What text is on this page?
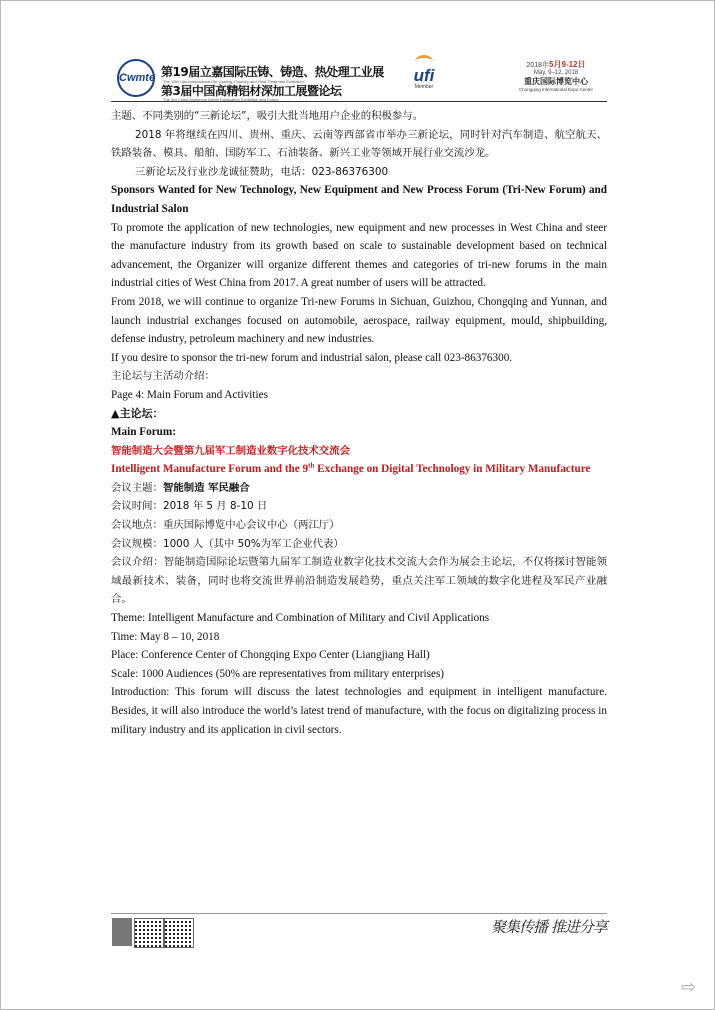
Cwmte 第19届立嘉国际压铸、铸造、热处理工业展
The 19th Lijia International Die Casting, Foundry and Heat Treatment Exhibition
第3届中国高精铝材深加工展暨论坛
The 3rd China Aluminum Depth Fabrication Exhibition and Forum
ufi
Member
2018年5月9-12日
May, 9–12, 2018
重庆国际博览中心
Chongqing International Expo Center

主题、不同类别的“三新论坛”，吸引大批当地用户企业的积极参与。

2018 年将继续在四川、贵州、重庆、云南等西部省市举办三新论坛，同时针对汽车制造、航空航天、铁路装备、模具、船舶、国防军工、石油装备、新兴工业等领域开展行业交流沙龙。

三新论坛及行业沙龙诚征赞助，电话：023-86376300

Sponsors Wanted for New Technology, New Equipment and New Process Forum (Tri-New Forum) and Industrial Salon

To promote the application of new technologies, new equipment and new processes in West China and steer the manufacture industry from its growth based on scale to sustainable development based on technical advancement, the Organizer will organize different themes and categories of tri-new forums in the main industrial cities of West China from 2017. A great number of users will be attracted.

From 2018, we will continue to organize Tri-new Forums in Sichuan, Guizhou, Chongqing and Yunnan, and launch industrial exchanges focused on automobile, aerospace, railway equipment, mould, shipbuilding, defense industry, petroleum machinery and new industries.

If you desire to sponsor the tri-new forum and industrial salon, please call 023-86376300.

主论坛与主活动介绍：

Page 4: Main Forum and Activities

▲主论坛：

Main Forum:

智能制造大会暨第九届军工制造业数字化技术交流会

Intelligent Manufacture Forum and the 9th Exchange on Digital Technology in Military Manufacture

会议主题：智能制造 军民融合

会议时间：2018 年 5 月 8-10 日

会议地点：重庆国际博览中心会议中心（两江厅）

会议规模：1000 人（其中 50%为军工企业代表）

会议介绍：智能制造国际论坛暨第九届军工制造业数字化技术交流大会作为展会主论坛，不仅将探讨智能领域最新技术、装备，同时也将交流世界前沿制造发展趋势，重点关注军工领域的数字化进程及军民产业融合。

Theme: Intelligent Manufacture and Combination of Military and Civil Applications

Time: May 8 – 10, 2018

Place: Conference Center of Chongqing Expo Center (Liangjiang Hall)

Scale: 1000 Audiences (50% are representatives from military enterprises)

Introduction: This forum will discuss the latest technologies and equipment in intelligent manufacture. Besides, it will also introduce the world’s latest trend of manufacture, with the focus on digitalizing process in military industry and its application in civil sectors.

聚集传播 推进分享
⇨
